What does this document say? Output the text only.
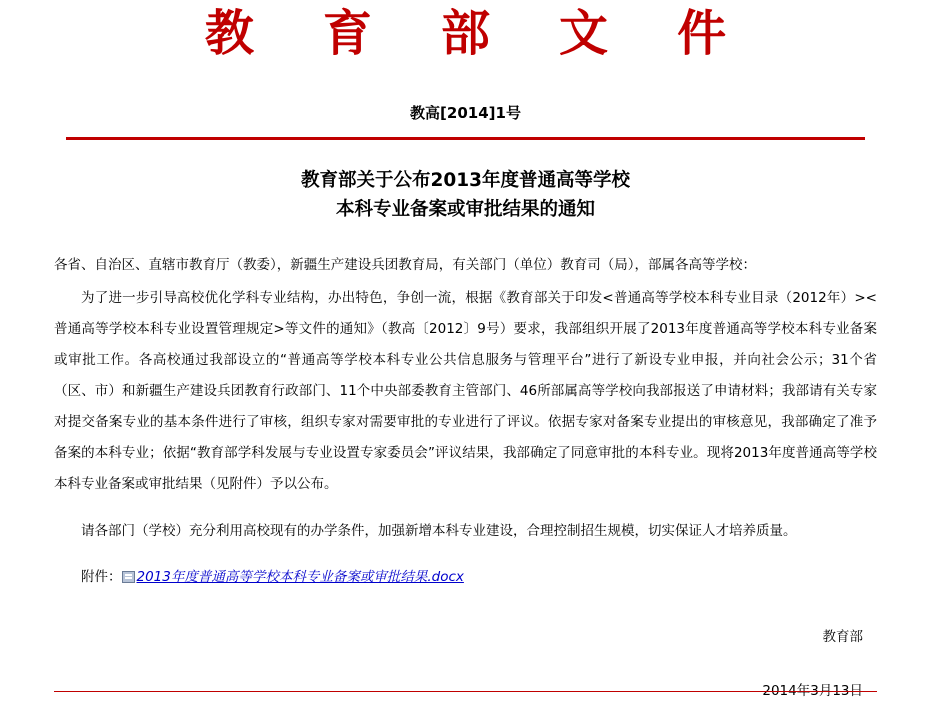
教 育 部 文 件
教高[2014]1号
教育部关于公布2013年度普通高等学校
本科专业备案或审批结果的通知

各省、自治区、直辖市教育厅（教委），新疆生产建设兵团教育局，有关部门（单位）教育司（局），部属各高等学校：

为了进一步引导高校优化学科专业结构，办出特色，争创一流，根据《教育部关于印发<普通高等学校本科专业目录（2012年）><普通高等学校本科专业设置管理规定>等文件的通知》（教高〔2012〕9号）要求，我部组织开展了2013年度普通高等学校本科专业备案或审批工作。各高校通过我部设立的“普通高等学校本科专业公共信息服务与管理平台”进行了新设专业申报，并向社会公示；31个省（区、市）和新疆生产建设兵团教育行政部门、11个中央部委教育主管部门、46所部属高等学校向我部报送了申请材料；我部请有关专家对提交备案专业的基本条件进行了审核，组织专家对需要审批的专业进行了评议。依据专家对备案专业提出的审核意见，我部确定了准予备案的本科专业；依据“教育部学科发展与专业设置专家委员会”评议结果，我部确定了同意审批的本科专业。现将2013年度普通高等学校本科专业备案或审批结果（见附件）予以公布。

请各部门（学校）充分利用高校现有的办学条件，加强新增本科专业建设，合理控制招生规模，切实保证人才培养质量。

附件： 2013年度普通高等学校本科专业备案或审批结果.docx
教育部
2014年3月13日
